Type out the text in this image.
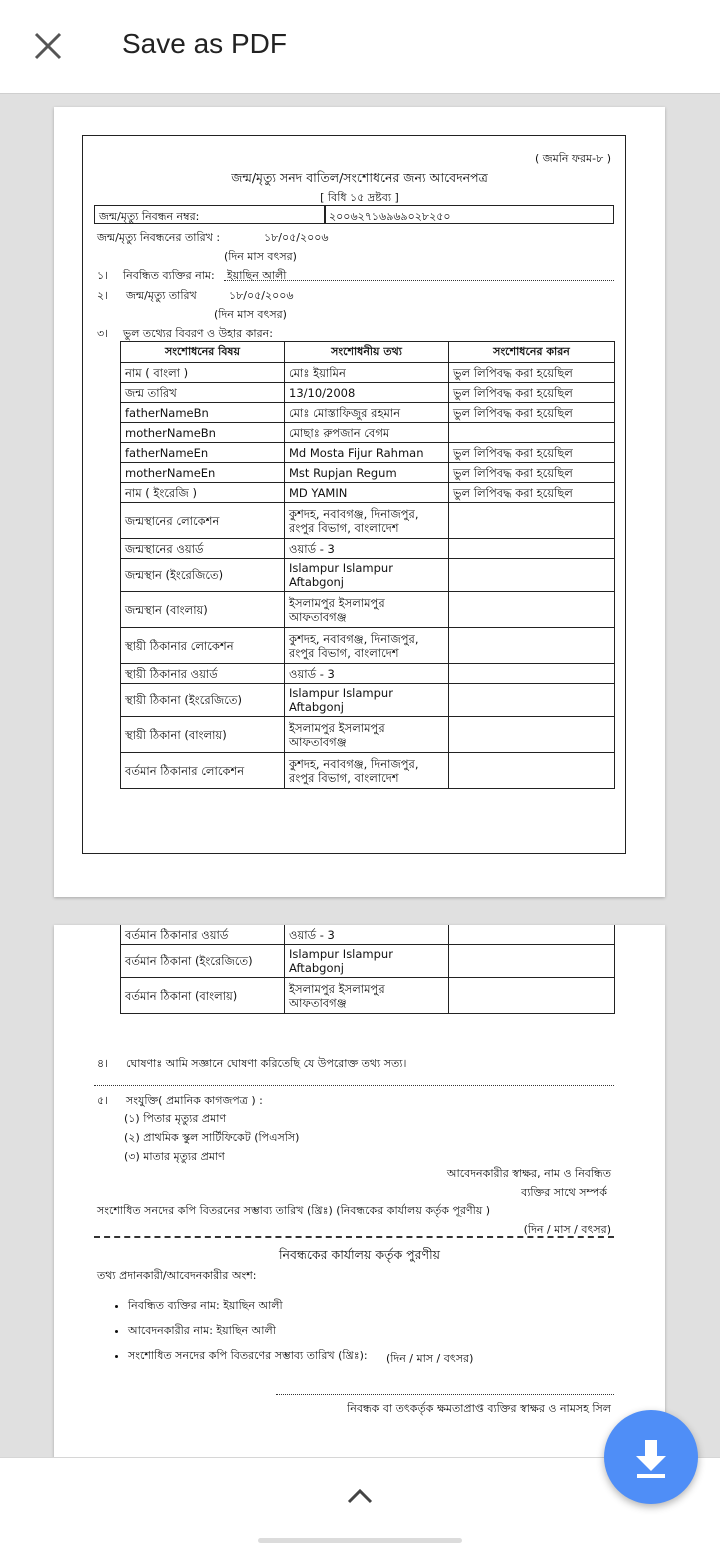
Save as PDF
( জমনি ফরম-৮ )
জন্ম/মৃত্যু সনদ বাতিল/সংশোধনের জন্য আবেদনপত্র
[ বিধি ১৫ দ্রষ্টব্য ]
জন্ম/মৃত্যু নিবন্ধন নম্বর:	২০০৬২৭১৬৯৬৯০২৮২৫০
জন্ম/মৃত্যু নিবন্ধনের তারিখ :	১৮/০৫/২০০৬
(দিন মাস বৎসর)
১। নিবন্ধিত ব্যক্তির নাম: ইয়াছিন আলী
২। জন্ম/মৃত্যু তারিখ	১৮/০৫/২০০৬
(দিন মাস বৎসর)
৩। ভুল তথ্যের বিবরণ ও উহার কারন:
সংশোধনের বিষয়	সংশোধনীয় তথ্য	সংশোধনের কারন
নাম ( বাংলা )	মোঃ ইয়ামিন	ভুল লিপিবদ্ধ করা হয়েছিল
জন্ম তারিখ	13/10/2008	ভুল লিপিবদ্ধ করা হয়েছিল
fatherNameBn	মোঃ মোস্তাফিজুর রহমান	ভুল লিপিবদ্ধ করা হয়েছিল
motherNameBn	মোছাঃ রুপজান বেগম	
fatherNameEn	Md Mosta Fijur Rahman	ভুল লিপিবদ্ধ করা হয়েছিল
motherNameEn	Mst Rupjan Regum	ভুল লিপিবদ্ধ করা হয়েছিল
নাম ( ইংরেজি )	MD YAMIN	ভুল লিপিবদ্ধ করা হয়েছিল
জন্মস্থানের লোকেশন	কুশদহ, নবাবগঞ্জ, দিনাজপুর, রংপুর বিভাগ, বাংলাদেশ	
জন্মস্থানের ওয়ার্ড	ওয়ার্ড - 3	
জন্মস্থান (ইংরেজিতে)	Islampur Islampur Aftabgonj	
জন্মস্থান (বাংলায়)	ইসলামপুর ইসলামপুর আফতাবগঞ্জ	
স্থায়ী ঠিকানার লোকেশন	কুশদহ, নবাবগঞ্জ, দিনাজপুর, রংপুর বিভাগ, বাংলাদেশ	
স্থায়ী ঠিকানার ওয়ার্ড	ওয়ার্ড - 3	
স্থায়ী ঠিকানা (ইংরেজিতে)	Islampur Islampur Aftabgonj	
স্থায়ী ঠিকানা (বাংলায়)	ইসলামপুর ইসলামপুর আফতাবগঞ্জ	
বর্তমান ঠিকানার লোকেশন	কুশদহ, নবাবগঞ্জ, দিনাজপুর, রংপুর বিভাগ, বাংলাদেশ	
বর্তমান ঠিকানার ওয়ার্ড	ওয়ার্ড - 3	
বর্তমান ঠিকানা (ইংরেজিতে)	Islampur Islampur Aftabgonj	
বর্তমান ঠিকানা (বাংলায়)	ইসলামপুর ইসলামপুর আফতাবগঞ্জ	
৪। ঘোষণাঃ আমি সজ্ঞানে ঘোষণা করিতেছি যে উপরোক্ত তথ্য সত্য।
৫। সংযুক্তি( প্রমানিক কাগজপত্র ) :
(১) পিতার মৃত্যুর প্রমাণ
(২) প্রাথমিক স্কুল সার্টিফিকেট (পিএসসি)
(৩) মাতার মৃত্যুর প্রমাণ
আবেদনকারীর স্বাক্ষর, নাম ও নিবন্ধিত
ব্যক্তির সাথে সম্পর্ক
সংশোধিত সনদের কপি বিতরনের সম্ভাব্য তারিখ (খ্রিঃ) (নিবন্ধকের কার্যালয় কর্তৃক পূরণীয় )
(দিন / মাস / বৎসর)
নিবন্ধকের কার্যালয় কর্তৃক পুরণীয়
তথ্য প্রদানকারী/আবেদনকারীর অংশ:
• নিবন্ধিত ব্যক্তির নাম: ইয়াছিন আলী
• আবেদনকারীর নাম: ইয়াছিন আলী
• সংশোধিত সনদের কপি বিতরণের সম্ভাব্য তারিখ (খ্রিঃ): (দিন / মাস / বৎসর)
নিবন্ধক বা তৎকর্তৃক ক্ষমতাপ্রাপ্ত ব্যক্তির স্বাক্ষর ও নামসহ সিল
